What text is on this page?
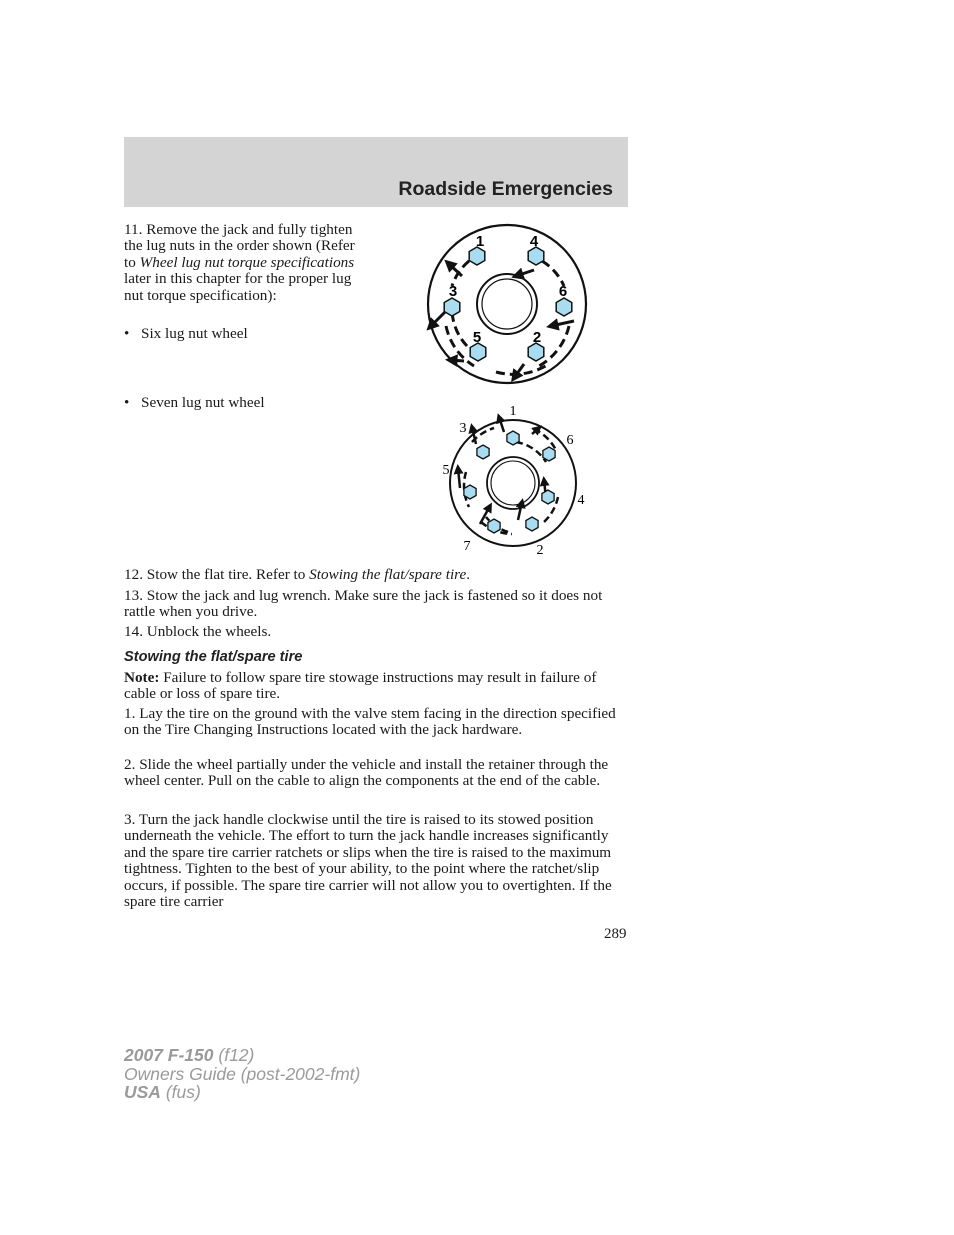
Roadside Emergencies

11. Remove the jack and fully tighten the lug nuts in the order shown (Refer to Wheel lug nut torque specifications later in this chapter for the proper lug nut torque specification):

• Six lug nut wheel
• Seven lug nut wheel
1	4
3	6
5	2
1
3
6
5
4
7	2

12. Stow the flat tire. Refer to Stowing the flat/spare tire.

13. Stow the jack and lug wrench. Make sure the jack is fastened so it does not rattle when you drive.

14. Unblock the wheels.

Stowing the flat/spare tire

Note: Failure to follow spare tire stowage instructions may result in failure of cable or loss of spare tire.

1. Lay the tire on the ground with the valve stem facing in the direction specified on the Tire Changing Instructions located with the jack hardware.

2. Slide the wheel partially under the vehicle and install the retainer through the wheel center. Pull on the cable to align the components at the end of the cable.

3. Turn the jack handle clockwise until the tire is raised to its stowed position underneath the vehicle. The effort to turn the jack handle increases significantly and the spare tire carrier ratchets or slips when the tire is raised to the maximum tightness. Tighten to the best of your ability, to the point where the ratchet/slip occurs, if possible. The spare tire carrier will not allow you to overtighten. If the spare tire carrier

289
2007 F-150 (f12)
Owners Guide (post-2002-fmt)
USA (fus)
